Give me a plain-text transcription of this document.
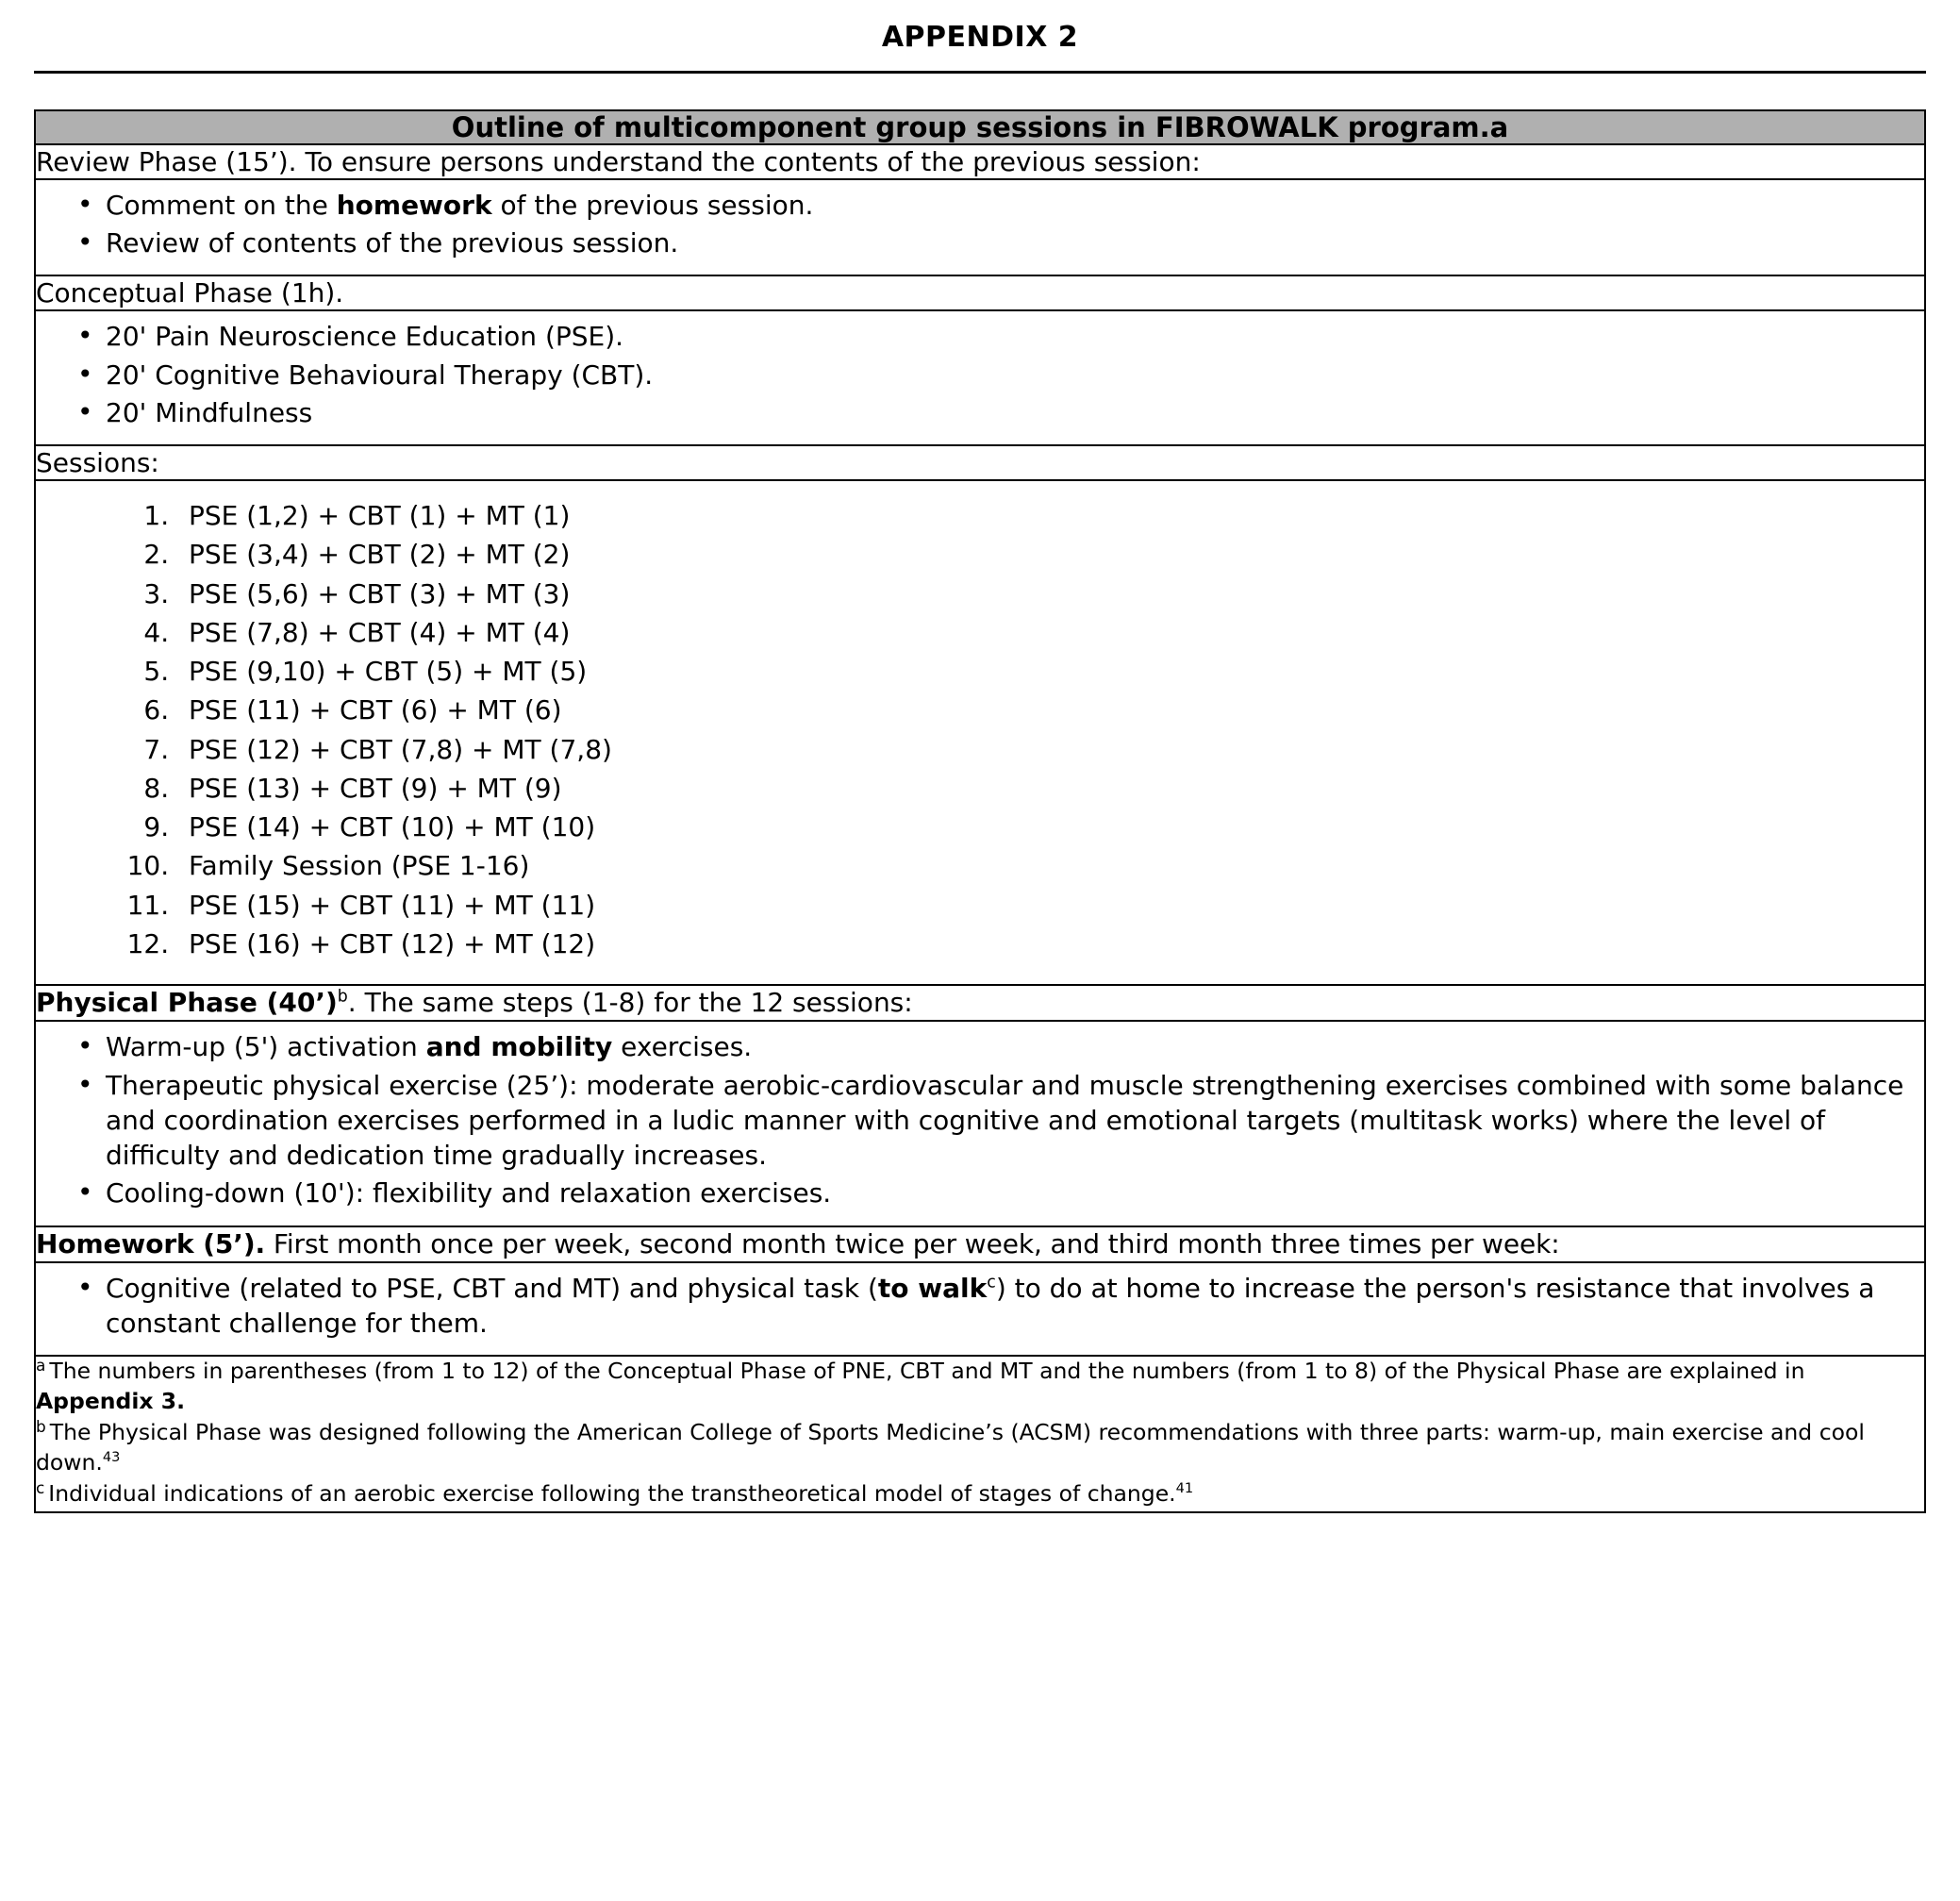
APPENDIX 2
Outline of multicomponent group sessions in FIBROWALK program.a
Review Phase (15’). To ensure persons understand the contents of the previous session:

• Comment on the homework of the previous session.
• Review of contents of the previous session.

Conceptual Phase (1h).

• 20' Pain Neuroscience Education (PSE).
• 20' Cognitive Behavioural Therapy (CBT).
• 20' Mindfulness

Sessions:

1. PSE (1,2) + CBT (1) + MT (1)
2. PSE (3,4) + CBT (2) + MT (2)
3. PSE (5,6) + CBT (3) + MT (3)
4. PSE (7,8) + CBT (4) + MT (4)
5. PSE (9,10) + CBT (5) + MT (5)
6. PSE (11) + CBT (6) + MT (6)
7. PSE (12) + CBT (7,8) + MT (7,8)
8. PSE (13) + CBT (9) + MT (9)
9. PSE (14) + CBT (10) + MT (10)
10. Family Session (PSE 1-16)
11. PSE (15) + CBT (11) + MT (11)
12. PSE (16) + CBT (12) + MT (12)

Physical Phase (40’)$^b$. The same steps (1-8) for the 12 sessions:

• Warm-up (5') activation and mobility exercises.
• Therapeutic physical exercise (25’): moderate aerobic-cardiovascular and muscle strengthening exercises combined with some balance and coordination exercises performed in a ludic manner with cognitive and emotional targets (multitask works) where the level of difficulty and dedication time gradually increases.
• Cooling-down (10'): flexibility and relaxation exercises.

Homework (5’). First month once per week, second month twice per week, and third month three times per week:

• Cognitive (related to PSE, CBT and MT) and physical task (to walk$^c$) to do at home to increase the person's resistance that involves a constant challenge for them.

$^a$ The numbers in parentheses (from 1 to 12) of the Conceptual Phase of PNE, CBT and MT and the numbers (from 1 to 8) of the Physical Phase are explained in Appendix 3.

$^b$ The Physical Phase was designed following the American College of Sports Medicine’s (ACSM) recommendations with three parts: warm-up, main exercise and cool down.$^{43}$

$^c$ Individual indications of an aerobic exercise following the transtheoretical model of stages of change.$^{41}$
